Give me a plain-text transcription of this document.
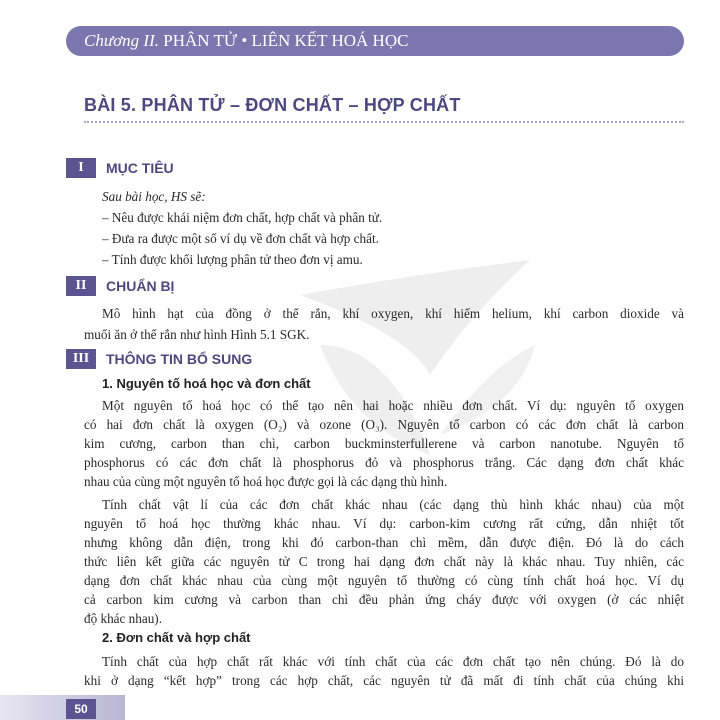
Chương II. PHÂN TỬ • LIÊN KẾT HOÁ HỌC
BÀI 5. PHÂN TỬ – ĐƠN CHẤT – HỢP CHẤT
I MỤC TIÊU
Sau bài học, HS sẽ:
– Nêu được khái niệm đơn chất, hợp chất và phân tử.
– Đưa ra được một số ví dụ về đơn chất và hợp chất.
– Tính được khối lượng phân tử theo đơn vị amu.
II CHUẨN BỊ
Mô hình hạt của đồng ở thể rắn, khí oxygen, khí hiếm helium, khí carbon dioxide và
muối ăn ở thể rắn như hình Hình 5.1 SGK.
III THÔNG TIN BỔ SUNG
1. Nguyên tố hoá học và đơn chất
Một nguyên tố hoá học có thể tạo nên hai hoặc nhiều đơn chất. Ví dụ: nguyên tố oxygen
có hai đơn chất là oxygen (O₂) và ozone (O₃). Nguyên tố carbon có các đơn chất là carbon
kim cương, carbon than chì, carbon buckminsterfullerene và carbon nanotube. Nguyên tố
phosphorus có các đơn chất là phosphorus đỏ và phosphorus trắng. Các dạng đơn chất khác
nhau của cùng một nguyên tố hoá học được gọi là các dạng thù hình.
Tính chất vật lí của các đơn chất khác nhau (các dạng thù hình khác nhau) của một
nguyên tố hoá học thường khác nhau. Ví dụ: carbon-kim cương rất cứng, dẫn nhiệt tốt
nhưng không dẫn điện, trong khi đó carbon-than chì mềm, dẫn được điện. Đó là do cách
thức liên kết giữa các nguyên tử C trong hai dạng đơn chất này là khác nhau. Tuy nhiên, các
dạng đơn chất khác nhau của cùng một nguyên tố thường có cùng tính chất hoá học. Ví dụ
cả carbon kim cương và carbon than chì đều phản ứng cháy được với oxygen (ở các nhiệt
độ khác nhau).
2. Đơn chất và hợp chất
50
Tính chất của hợp chất rất khác với tính chất của các đơn chất tạo nên chúng. Đó là do
khi ở dạng “kết hợp” trong các hợp chất, các nguyên tử đã mất đi tính chất của chúng khi
